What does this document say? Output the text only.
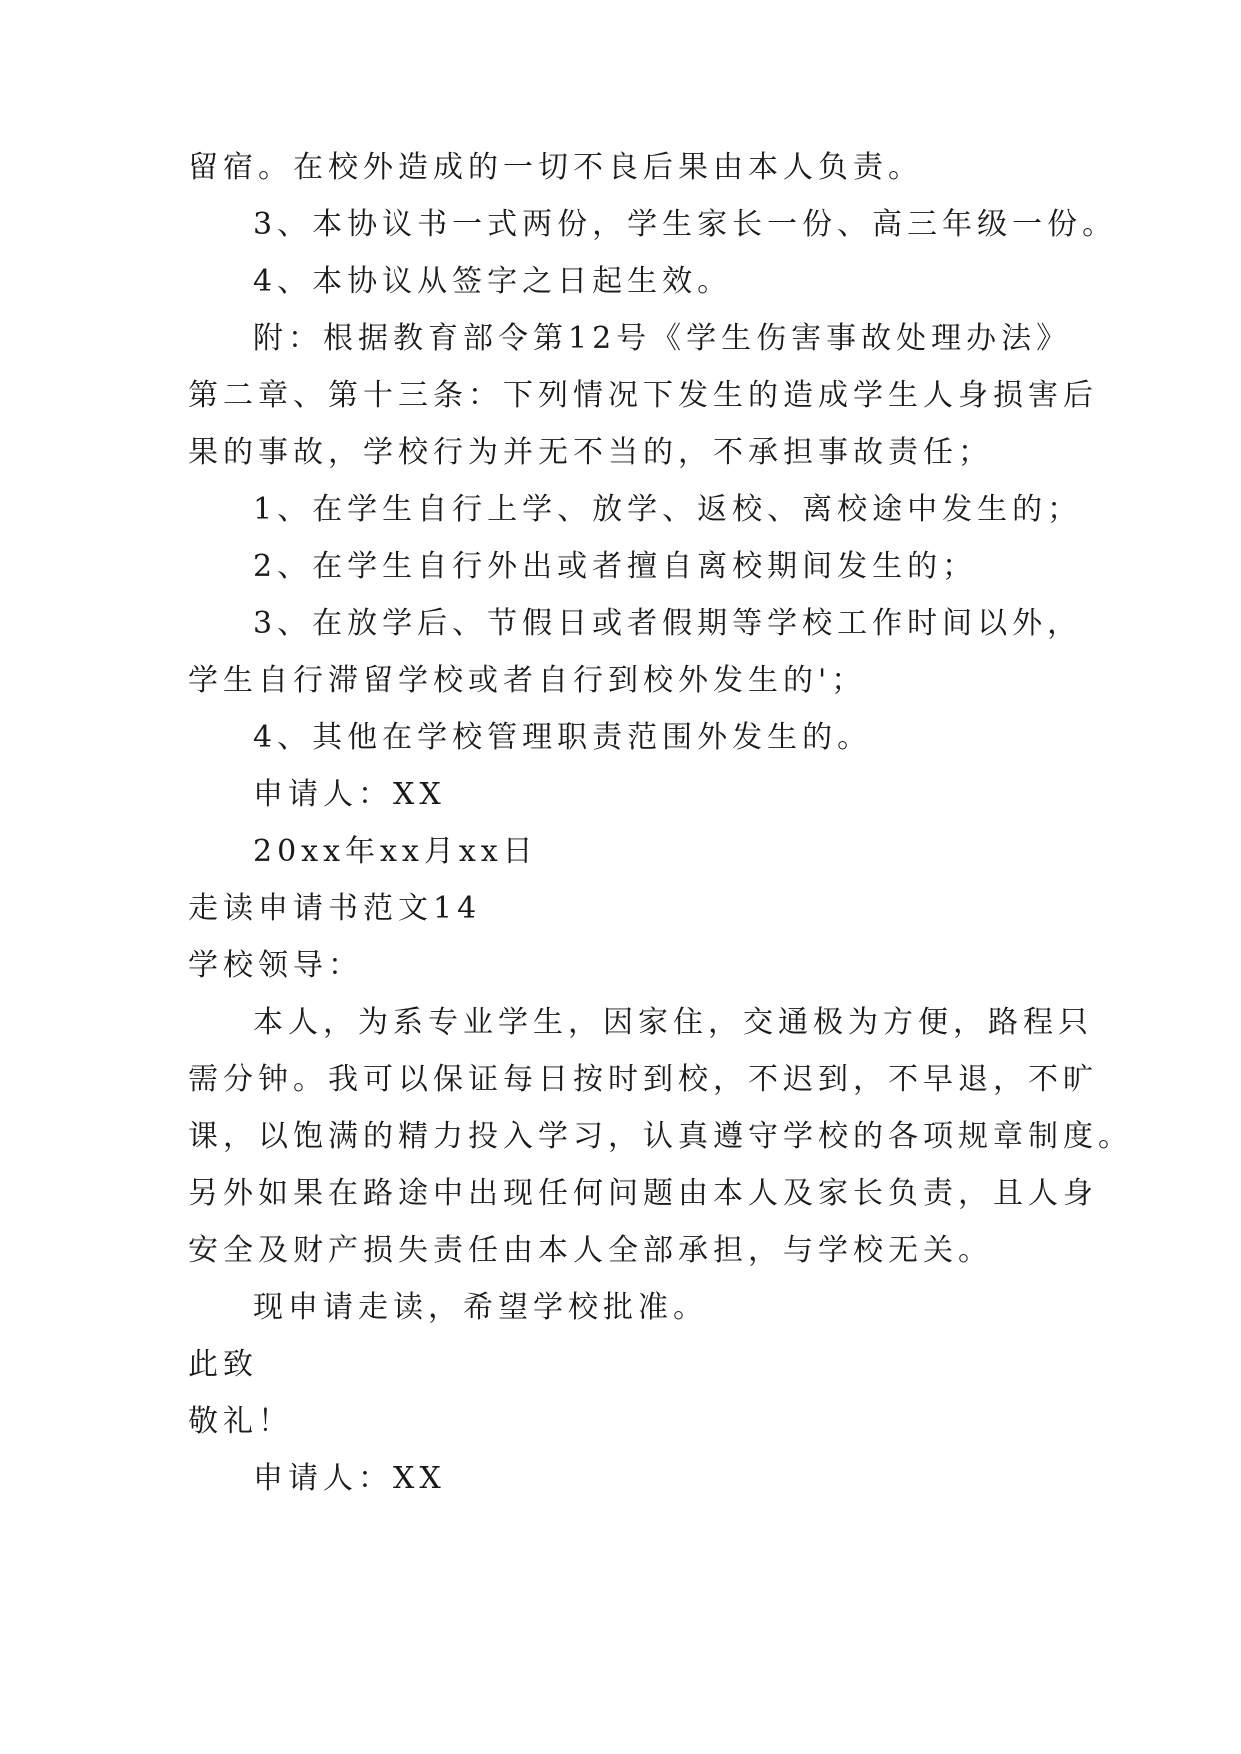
留宿。在校外造成的一切不良后果由本人负责。
3、本协议书一式两份，学生家长一份、高三年级一份。
4、本协议从签字之日起生效。
附：根据教育部令第12号《学生伤害事故处理办法》
第二章、第十三条：下列情况下发生的造成学生人身损害后
果的事故，学校行为并无不当的，不承担事故责任；
1、在学生自行上学、放学、返校、离校途中发生的；
2、在学生自行外出或者擅自离校期间发生的；
3、在放学后、节假日或者假期等学校工作时间以外，
学生自行滞留学校或者自行到校外发生的'；
4、其他在学校管理职责范围外发生的。
申请人：XX
20xx年xx月xx日
走读申请书范文14
学校领导：
本人，为系专业学生，因家住，交通极为方便，路程只
需分钟。我可以保证每日按时到校，不迟到，不早退，不旷
课，以饱满的精力投入学习，认真遵守学校的各项规章制度。
另外如果在路途中出现任何问题由本人及家长负责，且人身
安全及财产损失责任由本人全部承担，与学校无关。
现申请走读，希望学校批准。
此致
敬礼！
申请人：XX
